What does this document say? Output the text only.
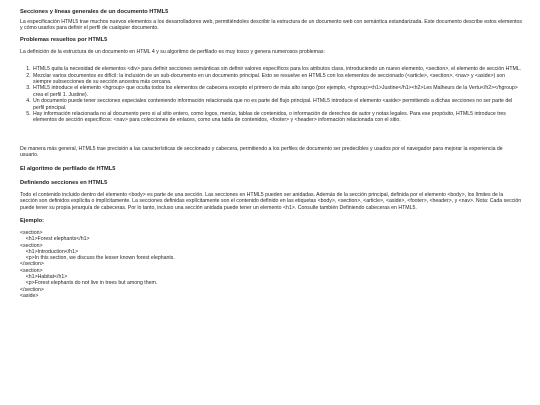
Secciones y líneas generales de un documento HTML5

La especificación HTML5 trae muchos nuevos elementos a los desarrolladores web, permitiéndoles describir la estructura de un documento web con semántica estandarizada. Este documento describe estos elementos y cómo usarlos para definir el perfil de cualquier documento.

Problemas resueltos por HTML5

La definición de la estructura de un documento en HTML 4 y su algoritmo de perfilado es muy tosco y genera numerosos problemas:

1. HTML5 quita la necesidad de elementos <div> para definir secciones semánticas sin definir valores específicos para los atributos class, introduciendo un nuevo elemento, <section>, el elemento de sección HTML.
2. Mezclar varios documentos es difícil: la inclusión de un sub-documento en un documento principal. Esto se resuelve en HTML5 con los elementos de seccionado (<article>, <section>, <nav> y <aside>) son siempre subsecciones de su sección ancestra más cercana.
3. HTML5 introduce el elemento <hgroup> que oculta todos los elementos de cabecera excepto el primero de más alto rango (por ejemplo, <hgroup><h1>Justine</h1><h2>Les Malheurs de la Vertu</h2></hgroup> crea el perfil 1. Justine).
4. Un documento puede tener secciones especiales conteniendo información relacionada que no es parte del flujo principal. HTML5 introduce el elemento <aside> permitiendo a dichas secciones no ser parte del perfil principal.
5. Hay información relacionada no al documento pero si al sitio entero, como logos, menús, tablas de contenidos, o información de derechos de autor y notas legales. Para ese propósito, HTML5 introduce tres elementos de sección específicos: <nav> para colecciones de enlaces, como una tabla de contenidos, <footer> y <header> información relacionada con el sitio.

De manera más general, HTML5 trae precisión a las características de seccionado y cabecera, permitiendo a los perfiles de documento ser predecibles y usados por el navegador para mejorar la experiencia de usuario.

El algoritmo de perfilado de HTML5
Definiendo secciones en HTML5

Todo el contenido incluido dentro del elemento <body> es parte de una sección. Las secciones en HTML5 pueden ser anidadas. Además de la sección principal, definida por el elemento <body>, los límites de la sección son definidos explícita o implícitamente. La secciones definidas explícitamente son el contenido definido en las etiquetas <body>, <section>, <article>, <aside>, <footer>, <header>, y <nav>. Nota: Cada sección puede tener su propia jerarquía de cabeceras. Por lo tanto, incluso una sección anidada puede tener un elemento <h1>. Consulte también Definiendo cabeceras en HTML5.

Ejemplo:
<section>
<h1>Forest elephants</h1>
<section>
<h1>Introduction</h1>
<p>In this section, we discuss the lesser known forest elephants.
</section>
<section>
<h1>Habitat</h1>
<p>Forest elephants do not live in trees but among them.
</section>
<aside>
